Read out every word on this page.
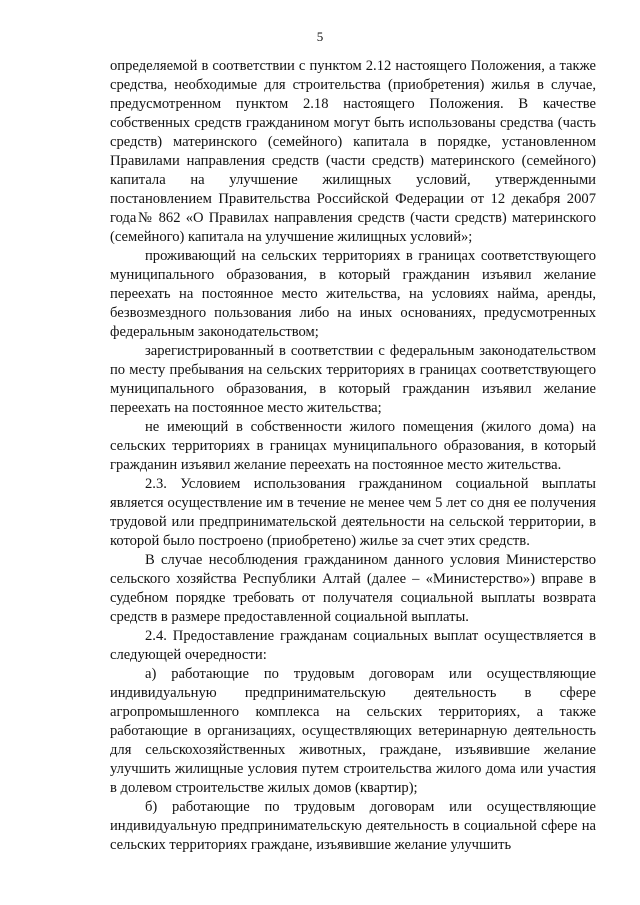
5

определяемой в соответствии с пунктом 2.12 настоящего Положения, а также средства, необходимые для строительства (приобретения) жилья в случае, предусмотренном пунктом 2.18 настоящего Положения. В качестве собственных средств гражданином могут быть использованы средства (часть средств) материнского (семейного) капитала в порядке, установленном Правилами направления средств (части средств) материнского (семейного) капитала на улучшение жилищных условий, утвержденными постановлением Правительства Российской Федерации от 12 декабря 2007 года№ 862 «О Правилах направления средств (части средств) материнского (семейного) капитала на улучшение жилищных условий»;

проживающий на сельских территориях в границах соответствующего муниципального образования, в который гражданин изъявил желание переехать на постоянное место жительства, на условиях найма, аренды, безвозмездного пользования либо на иных основаниях, предусмотренных федеральным законодательством;

зарегистрированный в соответствии с федеральным законодательством по месту пребывания на сельских территориях в границах соответствующего муниципального образования, в который гражданин изъявил желание переехать на постоянное место жительства;

не имеющий в собственности жилого помещения (жилого дома) на сельских территориях в границах муниципального образования, в который гражданин изъявил желание переехать на постоянное место жительства.

2.3. Условием использования гражданином социальной выплаты является осуществление им в течение не менее чем 5 лет со дня ее получения трудовой или предпринимательской деятельности на сельской территории, в которой было построено (приобретено) жилье за счет этих средств.

В случае несоблюдения гражданином данного условия Министерство сельского хозяйства Республики Алтай (далее – «Министерство») вправе в судебном порядке требовать от получателя социальной выплаты возврата средств в размере предоставленной социальной выплаты.

2.4. Предоставление гражданам социальных выплат осуществляется в следующей очередности:

а) работающие по трудовым договорам или осуществляющие индивидуальную предпринимательскую деятельность в сфере агропромышленного комплекса на сельских территориях, а также работающие в организациях, осуществляющих ветеринарную деятельность для сельскохозяйственных животных, граждане, изъявившие желание улучшить жилищные условия путем строительства жилого дома или участия в долевом строительстве жилых домов (квартир);

б) работающие по трудовым договорам или осуществляющие индивидуальную предпринимательскую деятельность в социальной сфере на сельских территориях граждане, изъявившие желание улучшить
